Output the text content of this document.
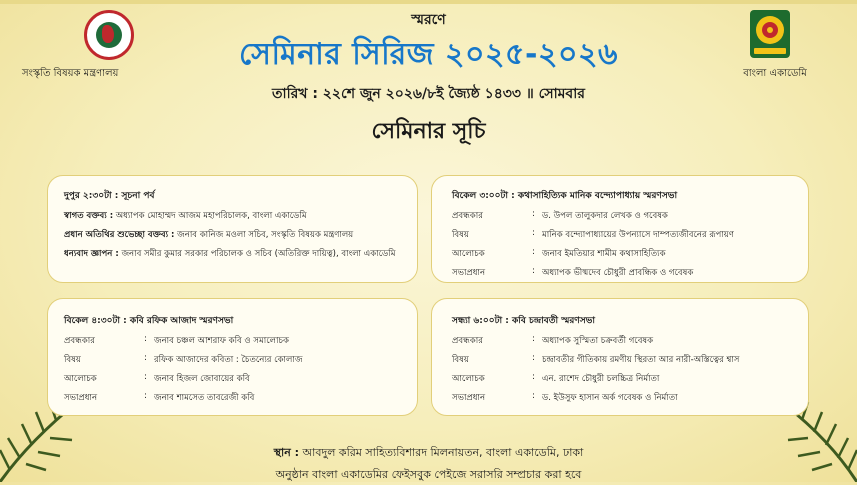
সংস্কৃতি বিষয়ক মন্ত্রণালয়	বাংলা একাডেমি
স্মরণে
সেমিনার সিরিজ ২০২৫-২০২৬
তারিখ : ২২শে জুন ২০২৬/৮ই জ্যৈষ্ঠ ১৪৩৩ ॥ সোমবার
সেমিনার সূচি
দুপুর ২:৩০টা : সূচনা পর্ব
স্বাগত বক্তব্য : অধ্যাপক মোহাম্মদ আজম মহাপরিচালক, বাংলা একাডেমি
প্রধান অতিথির শুভেচ্ছা বক্তব্য : জনাব কানিজ মওলা সচিব, সংস্কৃতি বিষয়ক মন্ত্রণালয়
ধন্যবাদ জ্ঞাপন : জনাব সমীর কুমার সরকার পরিচালক ও সচিব (অতিরিক্ত দায়িত্ব), বাংলা একাডেমি
বিকেল ৩:০০টা : কথাসাহিত্যিক মানিক বন্দ্যোপাধ্যায় স্মরণসভা
প্রবন্ধকার	: ড. উপল তালুকদার লেখক ও গবেষক
বিষয়	: মানিক বন্দ্যোপাধ্যায়ের উপন্যাসে দাম্পত্যজীবনের রূপায়ণ
আলোচক	: জনাব ইমতিয়ার শামীম কথাসাহিত্যিক
সভাপ্রধান	: অধ্যাপক ভীষ্মদেব চৌধুরী প্রাবন্ধিক ও গবেষক
বিকেল ৪:৩০টা : কবি রফিক আজাদ স্মরণসভা
প্রবন্ধকার	: জনাব চঞ্চল আশরাফ কবি ও সমালোচক
বিষয়	: রফিক আজাদের কবিতা : চৈতন্যের কোলাজ
আলোচক	: জনাব হিজল জোবায়ের কবি
সভাপ্রধান	: জনাব শামসেত তাবরেজী কবি
সন্ধ্যা ৬:০০টা : কবি চন্দ্রাবতী স্মরণসভা
প্রবন্ধকার	: অধ্যাপক সুস্মিতা চক্রবর্তী গবেষক
বিষয়	: চন্দ্রাবতীর গীতিকায় রমণীয় স্থিরতা আর নারী-অস্তিত্বের শ্বাস
আলোচক	: এন. রাশেদ চৌধুরী চলচ্চিত্র নির্মাতা
সভাপ্রধান	: ড. ইউসুফ হাসান অর্ক গবেষক ও নির্মাতা
স্থান : আবদুল করিম সাহিত্যবিশারদ মিলনায়তন, বাংলা একাডেমি, ঢাকা
অনুষ্ঠান বাংলা একাডেমির ফেইসবুক পেইজে সরাসরি সম্প্রচার করা হবে
